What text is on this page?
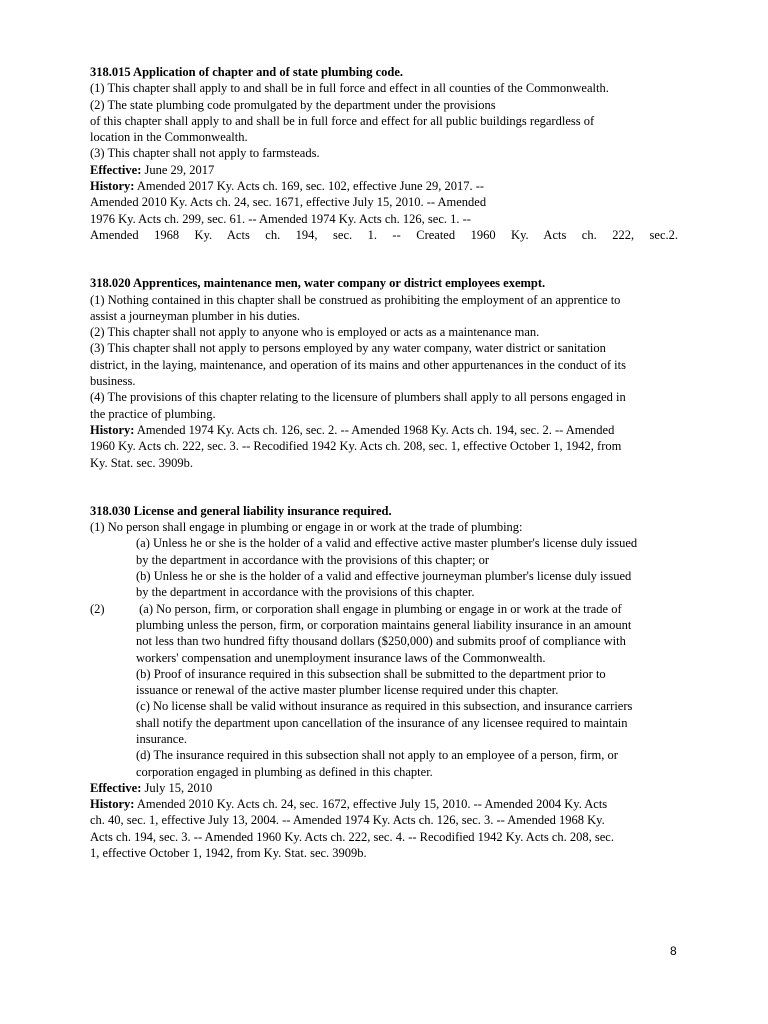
318.015 Application of chapter and of state plumbing code.
(1) This chapter shall apply to and shall be in full force and effect in all counties of the Commonwealth.
(2) The state plumbing code promulgated by the department under the provisions
of this chapter shall apply to and shall be in full force and effect for all public buildings regardless of
location in the Commonwealth.
(3) This chapter shall not apply to farmsteads.
Effective: June 29, 2017
History: Amended 2017 Ky. Acts ch. 169, sec. 102, effective June 29, 2017. --
Amended 2010 Ky. Acts ch. 24, sec. 1671, effective July 15, 2010. -- Amended
1976 Ky. Acts ch. 299, sec. 61. -- Amended 1974 Ky. Acts ch. 126, sec. 1. --
Amended 1968 Ky. Acts ch. 194, sec. 1. -- Created 1960 Ky. Acts ch. 222, sec.2.
318.020 Apprentices, maintenance men, water company or district employees exempt.
(1) Nothing contained in this chapter shall be construed as prohibiting the employment of an apprentice to
assist a journeyman plumber in his duties.
(2) This chapter shall not apply to anyone who is employed or acts as a maintenance man.
(3) This chapter shall not apply to persons employed by any water company, water district or sanitation
district, in the laying, maintenance, and operation of its mains and other appurtenances in the conduct of its
business.
(4) The provisions of this chapter relating to the licensure of plumbers shall apply to all persons engaged in
the practice of plumbing.
History: Amended 1974 Ky. Acts ch. 126, sec. 2. -- Amended 1968 Ky. Acts ch. 194, sec. 2. -- Amended
1960 Ky. Acts ch. 222, sec. 3. -- Recodified 1942 Ky. Acts ch. 208, sec. 1, effective October 1, 1942, from
Ky. Stat. sec. 3909b.
318.030 License and general liability insurance required.
(1) No person shall engage in plumbing or engage in or work at the trade of plumbing:
(a) Unless he or she is the holder of a valid and effective active master plumber's license duly issued
by the department in accordance with the provisions of this chapter; or
(b) Unless he or she is the holder of a valid and effective journeyman plumber's license duly issued
by the department in accordance with the provisions of this chapter.
(2)	(a) No person, firm, or corporation shall engage in plumbing or engage in or work at the trade of
plumbing unless the person, firm, or corporation maintains general liability insurance in an amount
not less than two hundred fifty thousand dollars ($250,000) and submits proof of compliance with
workers' compensation and unemployment insurance laws of the Commonwealth.
(b) Proof of insurance required in this subsection shall be submitted to the department prior to
issuance or renewal of the active master plumber license required under this chapter.
(c) No license shall be valid without insurance as required in this subsection, and insurance carriers
shall notify the department upon cancellation of the insurance of any licensee required to maintain
insurance.
(d) The insurance required in this subsection shall not apply to an employee of a person, firm, or
corporation engaged in plumbing as defined in this chapter.
Effective: July 15, 2010
History: Amended 2010 Ky. Acts ch. 24, sec. 1672, effective July 15, 2010. -- Amended 2004 Ky. Acts
ch. 40, sec. 1, effective July 13, 2004. -- Amended 1974 Ky. Acts ch. 126, sec. 3. -- Amended 1968 Ky.
Acts ch. 194, sec. 3. -- Amended 1960 Ky. Acts ch. 222, sec. 4. -- Recodified 1942 Ky. Acts ch. 208, sec.
1, effective October 1, 1942, from Ky. Stat. sec. 3909b.
8
